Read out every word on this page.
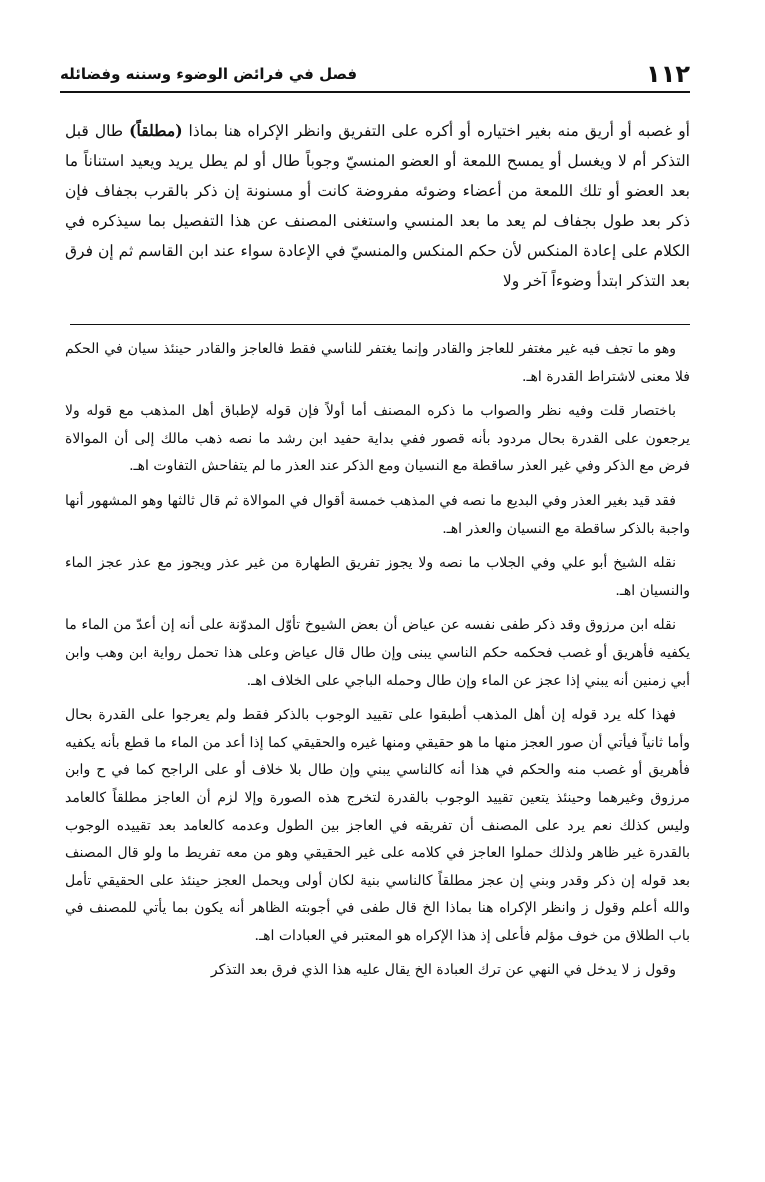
١١٢
فصل في فرائض الوضوء وسننه وفضائله
أو غصبه أو أريق منه بغير اختياره أو أكره على التفريق وانظر الإكراه هنا بماذا (مطلقاً) طال قبل التذكر أم لا ويغسل أو يمسح اللمعة أو العضو المنسيّ وجوباً طال أو لم يطل يريد ويعيد استناناً ما بعد العضو أو تلك اللمعة من أعضاء وضوئه مفروضة كانت أو مسنونة إن ذكر بالقرب بجفاف فإن ذكر بعد طول بجفاف لم يعد ما بعد المنسي واستغنى المصنف عن هذا التفصيل بما سيذكره في الكلام على إعادة المنكس لأن حكم المنكس والمنسيّ في الإعادة سواء عند ابن القاسم ثم إن فرق بعد التذكر ابتدأ وضوءاً آخر ولا

وهو ما تجف فيه غير مغتفر للعاجز والقادر وإنما يغتفر للناسي فقط فالعاجز والقادر حينئذ سيان في الحكم فلا معنى لاشتراط القدرة اهـ.

باختصار قلت وفيه نظر والصواب ما ذكره المصنف أما أولاً فإن قوله لإطباق أهل المذهب مع قوله ولا يرجعون على القدرة بحال مردود بأنه قصور ففي بداية حفيد ابن رشد ما نصه ذهب مالك إلى أن الموالاة فرض مع الذكر وفي غير العذر ساقطة مع النسيان ومع الذكر عند العذر ما لم يتفاحش التفاوت اهـ.

فقد قيد بغير العذر وفي البديع ما نصه في المذهب خمسة أقوال في الموالاة ثم قال ثالثها وهو المشهور أنها واجبة بالذكر ساقطة مع النسيان والعذر اهـ.

نقله الشيخ أبو علي وفي الجلاب ما نصه ولا يجوز تفريق الطهارة من غير عذر ويجوز مع عذر عجز الماء والنسيان اهـ.

نقله ابن مرزوق وقد ذكر طفى نفسه عن عياض أن بعض الشيوخ تأوّل المدوّنة على أنه إن أعدّ من الماء ما يكفيه فأهريق أو غصب فحكمه حكم الناسي يبنى وإن طال قال عياض وعلى هذا تحمل رواية ابن وهب وابن أبي زمنين أنه يبني إذا عجز عن الماء وإن طال وحمله الباجي على الخلاف اهـ.

فهذا كله يرد قوله إن أهل المذهب أطبقوا على تقييد الوجوب بالذكر فقط ولم يعرجوا على القدرة بحال وأما ثانياً فيأتي أن صور العجز منها ما هو حقيقي ومنها غيره والحقيقي كما إذا أعد من الماء ما قطع بأنه يكفيه فأهريق أو غصب منه والحكم في هذا أنه كالناسي يبني وإن طال بلا خلاف أو على الراجح كما في ح وابن مرزوق وغيرهما وحينئذ يتعين تقييد الوجوب بالقدرة لتخرج هذه الصورة وإلا لزم أن العاجز مطلقاً كالعامد وليس كذلك نعم يرد على المصنف أن تفريقه في العاجز بين الطول وعدمه كالعامد بعد تقييده الوجوب بالقدرة غير ظاهر ولذلك حملوا العاجز في كلامه على غير الحقيقي وهو من معه تفريط ما ولو قال المصنف بعد قوله إن ذكر وقدر وبني إن عجز مطلقاً كالناسي بنية لكان أولى ويحمل العجز حينئذ على الحقيقي تأمل والله أعلم وقول ز وانظر الإكراه هنا بماذا الخ قال طفى في أجوبته الظاهر أنه يكون بما يأتي للمصنف في باب الطلاق من خوف مؤلم فأعلى إذ هذا الإكراه هو المعتبر في العبادات اهـ.

وقول ز لا يدخل في النهي عن ترك العبادة الخ يقال عليه هذا الذي فرق بعد التذكر
